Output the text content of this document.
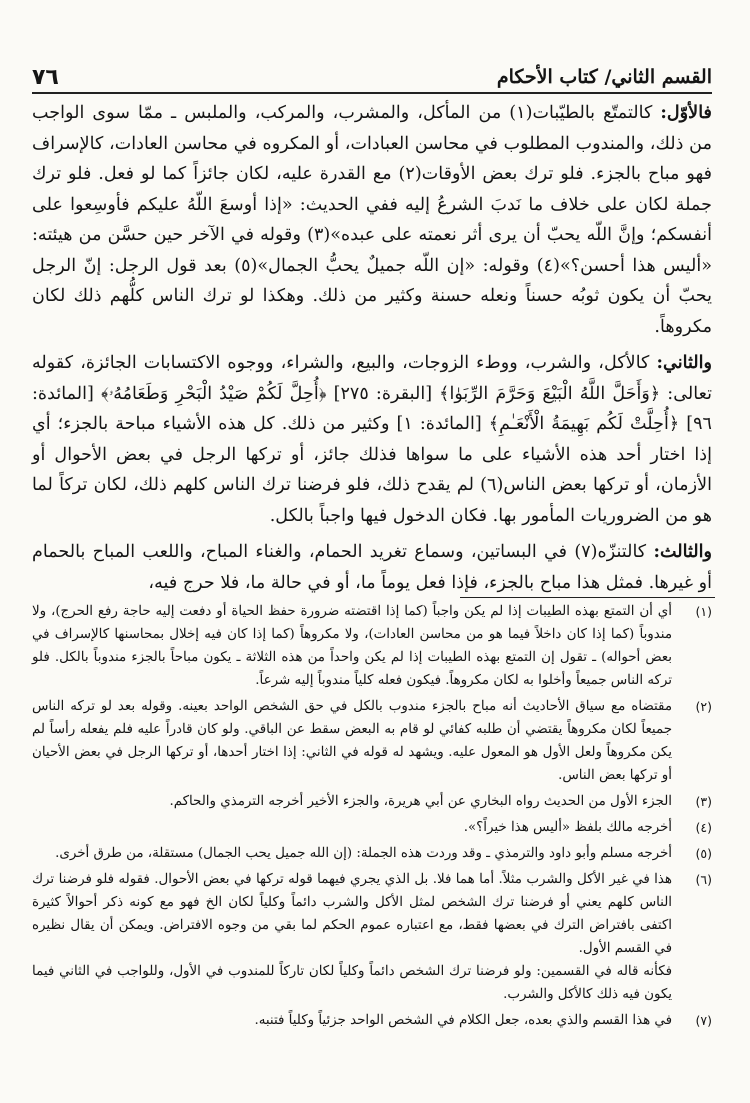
القسم الثاني/ كتاب الأحكام
٧٦

فالأوّل: كالتمتّع بالطيّبات(١) من المأكل، والمشرب، والمركب، والملبس ـ ممّا سوى الواجب من ذلك، والمندوب المطلوب في محاسن العبادات، أو المكروه في محاسن العادات، كالإسراف فهو مباح بالجزء. فلو ترك بعض الأوقات(٢) مع القدرة عليه، لكان جائزاً كما لو فعل. فلو ترك جملة لكان على خلاف ما نَدبَ الشرعُ إليه ففي الحديث: «إذا أوسعَ اللّهُ عليكم فأوسِعوا على أنفسكم؛ وإنَّ اللّه يحبّ أن يرى أثر نعمته على عبده»(٣) وقوله في الآخر حين حسَّن من هيئته: «أليس هذا أحسن؟»(٤) وقوله: «إن اللّه جميلٌ يحبُّ الجمال»(٥) بعد قول الرجل: إنّ الرجل يحبّ أن يكون ثوبُه حسناً ونعله حسنة وكثير من ذلك. وهكذا لو ترك الناس كلُّهم ذلك لكان مكروهاً.

والثاني: كالأكل، والشرب، ووطء الزوجات، والبيع، والشراء، ووجوه الاكتسابات الجائزة، كقوله تعالى: ﴿وَأَحَلَّ اللَّهُ الْبَيْعَ وَحَرَّمَ الرِّبَوٰا﴾ [البقرة: ٢٧٥] ﴿أُحِلَّ لَكُمْ صَيْدُ الْبَحْرِ وَطَعَامُهُۥ﴾ [المائدة: ٩٦] ﴿أُحِلَّتْ لَكُم بَهِيمَةُ الْأَنْعَـٰمِ﴾ [المائدة: ١] وكثير من ذلك. كل هذه الأشياء مباحة بالجزء؛ أي إذا اختار أحد هذه الأشياء على ما سواها فذلك جائز، أو تركها الرجل في بعض الأحوال أو الأزمان، أو تركها بعض الناس(٦) لم يقدح ذلك، فلو فرضنا ترك الناس كلهم ذلك، لكان تركاً لما هو من الضروريات المأمور بها. فكان الدخول فيها واجباً بالكل.

والثالث: كالتنزّه(٧) في البساتين، وسماع تغريد الحمام، والغناء المباح، واللعب المباح بالحمام أو غيرها. فمثل هذا مباح بالجزء، فإذا فعل يوماً ما، أو في حالة ما، فلا حرج فيه،

(١)
أي أن التمتع بهذه الطيبات إذا لم يكن واجباً (كما إذا اقتضته ضرورة حفظ الحياة أو دفعت إليه حاجة رفع الحرج)، ولا مندوباً (كما إذا كان داخلاً فيما هو من محاسن العادات)، ولا مكروهاً (كما إذا كان فيه إخلال بمحاسنها كالإسراف في بعض أحواله) ـ تقول إن التمتع بهذه الطيبات إذا لم يكن واحداً من هذه الثلاثة ـ يكون مباحاً بالجزء مندوباً بالكل. فلو تركه الناس جميعاً وأخلوا به لكان مكروهاً. فيكون فعله كلياً مندوباً إليه شرعاً.
(٢)
مقتضاه مع سياق الأحاديث أنه مباح بالجزء مندوب بالكل في حق الشخص الواحد بعينه. وقوله بعد لو تركه الناس جميعاً لكان مكروهاً يقتضي أن طلبه كفائي لو قام به البعض سقط عن الباقي. ولو كان قادراً عليه فلم يفعله رأساً لم يكن مكروهاً ولعل الأول هو المعول عليه. ويشهد له قوله في الثاني: إذا اختار أحدها، أو تركها الرجل في بعض الأحيان أو تركها بعض الناس.
(٣)
الجزء الأول من الحديث رواه البخاري عن أبي هريرة، والجزء الأخير أخرجه الترمذي والحاكم.
(٤)
أخرجه مالك بلفظ «أليس هذا خيراً؟».
(٥)
أخرجه مسلم وأبو داود والترمذي ـ وقد وردت هذه الجملة: (إن الله جميل يحب الجمال) مستقلة، من طرق أخرى.
(٦)
هذا في غير الأكل والشرب مثلاً. أما هما فلا. بل الذي يجري فيهما قوله تركها في بعض الأحوال. فقوله فلو فرضنا ترك الناس كلهم يعني أو فرضنا ترك الشخص لمثل الأكل والشرب دائماً وكلياً لكان الخ فهو مع كونه ذكر أحوالاً كثيرة اكتفى بافتراض الترك في بعضها فقط، مع اعتباره عموم الحكم لما بقي من وجوه الافتراض. ويمكن أن يقال نظيره في القسم الأول.
فكأنه قاله في القسمين: ولو فرضنا ترك الشخص دائماً وكلياً لكان تاركاً للمندوب في الأول، وللواجب في الثاني فيما يكون فيه ذلك كالأكل والشرب.
(٧)
في هذا القسم والذي بعده، جعل الكلام في الشخص الواحد جزئياً وكلياً فتنبه.
